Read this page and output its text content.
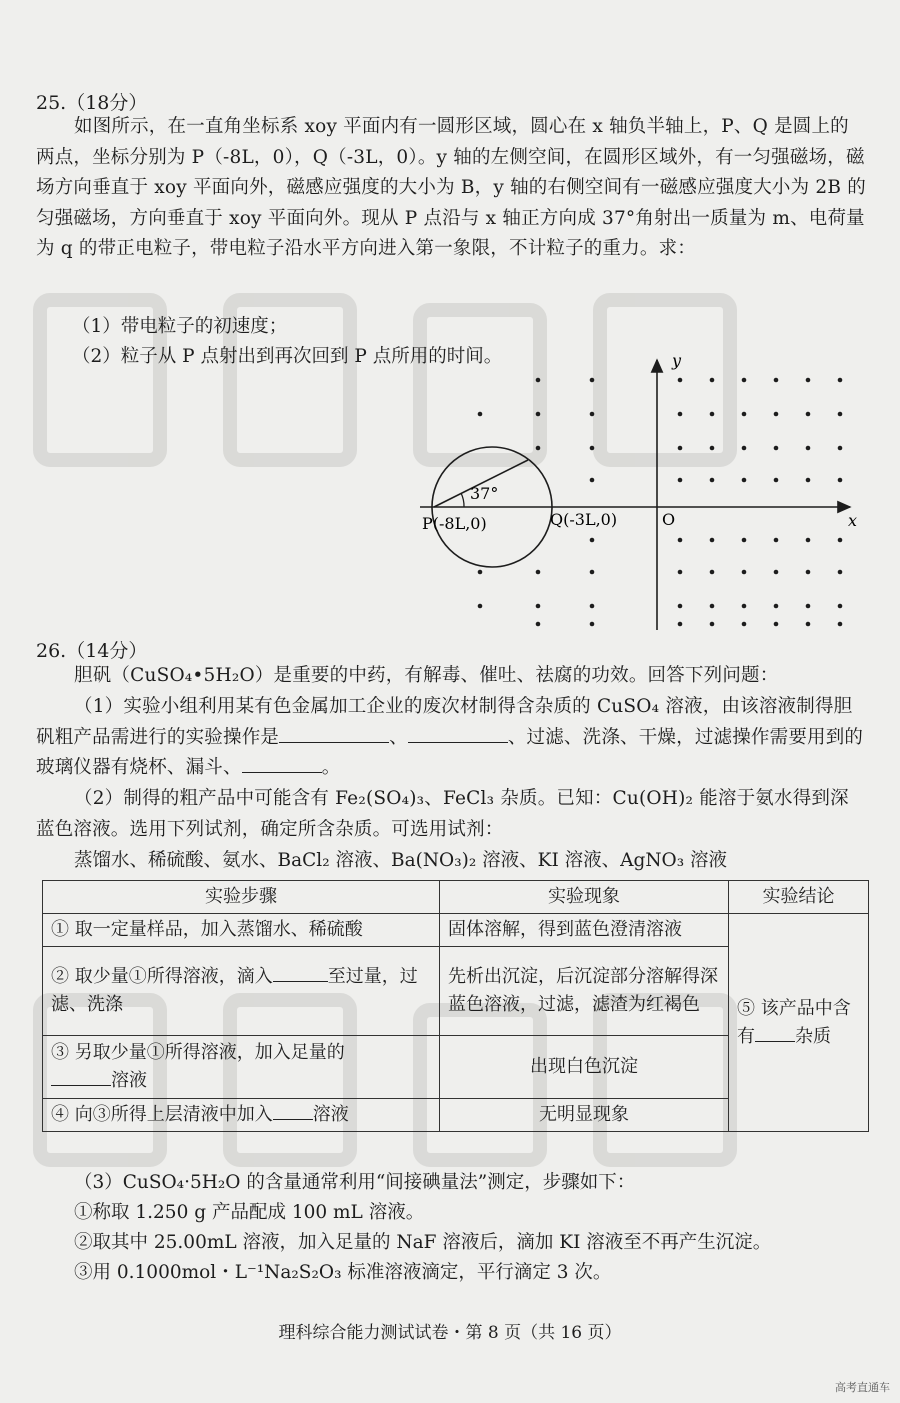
25.（18分）
如图所示，在一直角坐标系 xoy 平面内有一圆形区域，圆心在 x 轴负半轴上，P、Q 是圆上的两点，坐标分别为 P（-8L，0），Q（-3L，0）。y 轴的左侧空间，在圆形区域外，有一匀强磁场，磁场方向垂直于 xoy 平面向外，磁感应强度的大小为 B，y 轴的右侧空间有一磁感应强度大小为 2B 的匀强磁场，方向垂直于 xoy 平面向外。现从 P 点沿与 x 轴正方向成 37°角射出一质量为 m、电荷量为 q 的带正电粒子，带电粒子沿水平方向进入第一象限，不计粒子的重力。求：
（1）带电粒子的初速度；
（2）粒子从 P 点射出到再次回到 P 点所用的时间。
37°
P(-8L,0)	Q(-3L,0)	O
y
x
26.（14分）
胆矾（CuSO₄•5H₂O）是重要的中药，有解毒、催吐、祛腐的功效。回答下列问题：
（1）实验小组利用某有色金属加工企业的废次材制得含杂质的 CuSO₄ 溶液，由该溶液制得胆矾粗产品需进行的实验操作是	、	、过滤、洗涤、干燥，过滤操作需要用到的玻璃仪器有烧杯、漏斗、	。
（2）制得的粗产品中可能含有 Fe₂(SO₄)₃、FeCl₃ 杂质。已知：Cu(OH)₂ 能溶于氨水得到深蓝色溶液。选用下列试剂，确定所含杂质。可选用试剂：
蒸馏水、稀硫酸、氨水、BaCl₂ 溶液、Ba(NO₃)₂ 溶液、KI 溶液、AgNO₃ 溶液
实验步骤	实验现象	实验结论
① 取一定量样品，加入蒸馏水、稀硫酸	固体溶解，得到蓝色澄清溶液	⑤ 该产品中含有 杂质
② 取少量①所得溶液，滴入 至过量，过滤、洗涤	先析出沉淀，后沉淀部分溶解得深蓝色溶液，过滤，滤渣为红褐色	
③ 另取少量①所得溶液，加入足量的
溶液	出现白色沉淀	
④ 向③所得上层清液中加入 溶液	无明显现象	
（3）CuSO₄·5H₂O 的含量通常利用“间接碘量法”测定，步骤如下：
①称取 1.250 g 产品配成 100 mL 溶液。
②取其中 25.00mL 溶液，加入足量的 NaF 溶液后，滴加 KI 溶液至不再产生沉淀。
③用 0.1000mol・L⁻¹Na₂S₂O₃ 标准溶液滴定，平行滴定 3 次。
理科综合能力测试试卷・第 8 页（共 16 页）
高考直通车
